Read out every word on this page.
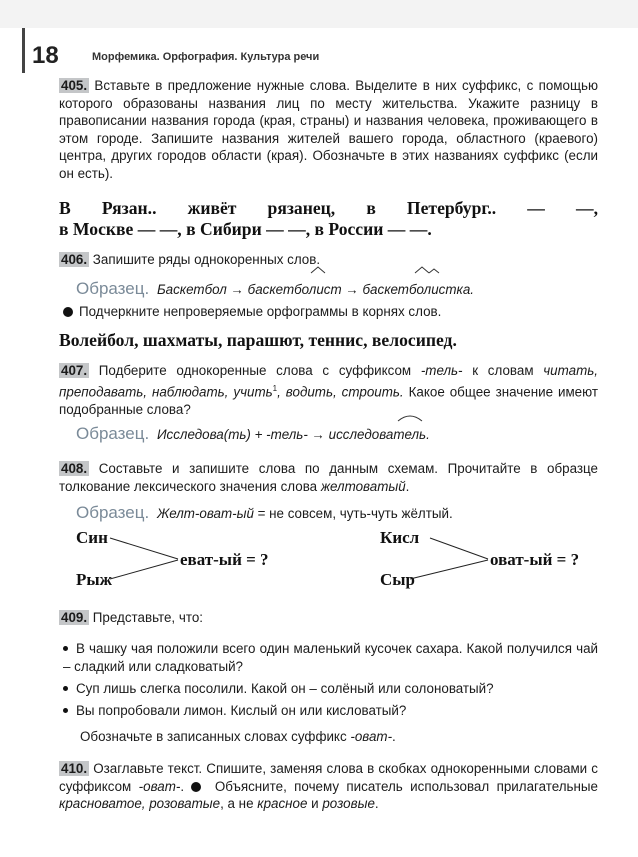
18	Морфемика. Орфография. Культура речи
405. Вставьте в предложение нужные слова. Выделите в них суффикс, с помощью которого образованы названия лиц по месту жительства. Укажите разницу в правописании названия города (края, страны) и названия человека, проживающего в этом городе. Запишите названия жителей вашего города, областного (краевого) центра, других городов области (края). Обозначьте в этих названиях суффикс (если он есть).
В Рязан.. живёт рязанец, в Петербург.. — —,
в Москве — —, в Сибири — —, в России — —.
406. Запишите ряды однокоренных слов.
Образец. Баскетбол → баскетболист → баскетболистка.
Подчеркните непроверяемые орфограммы в корнях слов.
Волейбол, шахматы, парашют, теннис, велосипед.
407. Подберите однокоренные слова с суффиксом -тель- к словам читать, преподавать, наблюдать, учить$^1$, водить, строить. Какое общее значение имеют подобранные слова?
Образец. Исследова(ть) + -тель- → исследователь.
408. Составьте и запишите слова по данным схемам. Прочитайте в образце толкование лексического значения слова желтоватый.
Образец. Желт-оват-ый = не совсем, чуть-чуть жёлтый.
Син
Рыж
еват-ый = ?
Кисл
Сыр
оват-ый = ?
409. Представьте, что:
В чашку чая положили всего один маленький кусочек сахара. Какой получился чай – сладкий или сладковатый?
Суп лишь слегка посолили. Какой он – солёный или солоноватый?
Вы попробовали лимон. Кислый он или кисловатый?
Обозначьте в записанных словах суффикс -оват-.
410. Озаглавьте текст. Спишите, заменяя слова в скобках однокоренными словами с суффиксом -оват-.  Объясните, почему писатель использовал прилагательные красноватое, розоватые, а не красное и розовые.
